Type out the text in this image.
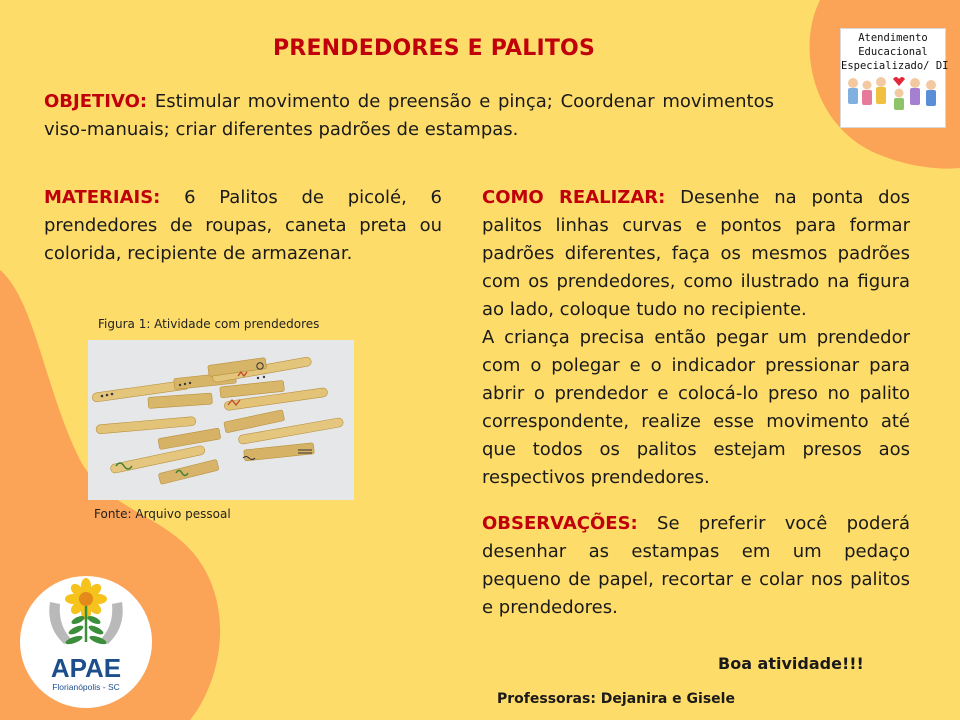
PRENDEDORES E PALITOS

OBJETIVO: Estimular movimento de preensão e pinça; Coordenar movimentos viso-manuais; criar diferentes padrões de estampas.

MATERIAIS: 6 Palitos de picolé, 6 prendedores de roupas, caneta preta ou colorida, recipiente de armazenar.

COMO REALIZAR: Desenhe na ponta dos palitos linhas curvas e pontos para formar padrões diferentes, faça os mesmos padrões com os prendedores, como ilustrado na figura ao lado, coloque tudo no recipiente.

A criança precisa então pegar um prendedor com o polegar e o indicador pressionar para abrir o prendedor e colocá-lo preso no palito correspondente, realize esse movimento até que todos os palitos estejam presos aos respectivos prendedores.

OBSERVAÇÕES: Se preferir você poderá desenhar as estampas em um pedaço pequeno de papel, recortar e colar nos palitos e prendedores.

Figura 1: Atividade com prendedores
Fonte: Arquivo pessoal
Atendimento
Educacional
Especializado/ DI
APAE
Florianópolis - SC
Boa atividade!!!
Professoras: Dejanira e Gisele
